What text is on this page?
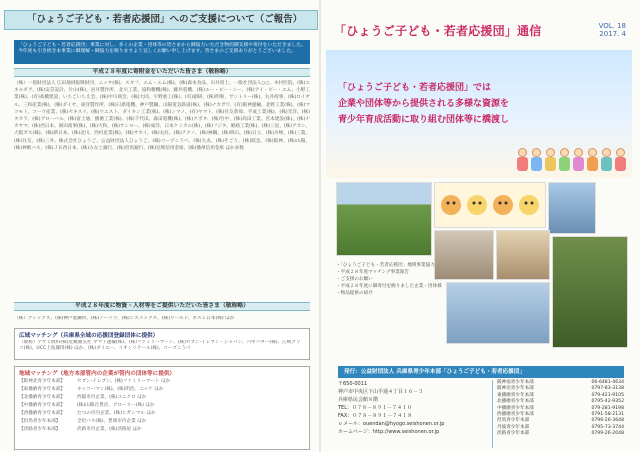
「ひょうご子ども・若者応援団」へのご支援について（ご報告）
「ひょうご子ども・若者応援団」事業に対し、多くの企業・団体等の皆さまから御協力いただき物的御支援や寄付をいただきました。今年度も引き続き本事業に御理解・御協力を賜りますよう宜しくお願い申し上げます。皆さまのご支援ありがとうございました。
平成２８年度に寄附金をいただいた皆さま（敬称略）
（株）一般財団法人 広田地域振興財団、ニッタ(株)、スタフ、エム・エム(株)、(株)森本食品、石井貴士、一般社団法人○○、木村医院、(株)エネルギア、(株)安芸設計、片山(株)、岩井製作所、北川工業、協和精機(株)、藤井電機、(株)エー・ピー・シー、(株)アイ・ビー・エム、小野工業(株)、(有)高橋建設、いちごいちえ会、(株)中川商会、(株)大同、宇野重工(株)、(有)創研、(株)明和、サントリー(株)、丸井商事、(株)ロイヤル、三和産業(株)、(株)ダイヤ、東洋製作所、(株)日新電機、神戸製鋼、山陽電気鉄道(株)、(株)ナカガワ、(有)阪神運輸、北野工業(株)、(株)マツモト、コーワ産業、(株)セキスイ、(株)ウエスト、ダイキン工業(株)、(株)シマノ、(有)ヤマト、(株)住友倉庫、平成工業(株)、(株)光洋、(株)タカラ、(株)グローバル、(株)富士通、播磨工業(株)、(株)千代田、森田電機(株)、(株)クボタ、(株)竹中、(株)高田工業、宮本建設(株)、(株)ナカヤマ、(株)西日本、岡田商事(株)、(株)大和、(株)サンヨー、(株)東洋、日本ケミカル(株)、(株)フジタ、姫路工業(株)、(株)三星、(株)アカシ、大阪ガス(株)、(株)新日本、(株)北川、西村産業(株)、(株)サカイ、(株)丸紅、(株)テクノ、(株)神鋼、(株)明石、(株)日立、(株)川崎、(株)三菱、(株)住友、(株)三井、株式会社ひょうご、公益財団法人ひょうご、(株)コープこうべ、(株)大丸、(株)そごう、(株)阪急、(株)阪神、(株)山陽、(株)神姫バス、(株)ＪＲ西日本、(株)みなと銀行、(株)但馬銀行、(株)尼崎信用金庫、(株)播州信用金庫 ほか多数
平成２８年度に物資・人材等をご提供いただいた皆さま（敬称略）
（株）アシックス、(株)神戸製鋼所、(株)ノーリツ、(株)シスメックス、(株)ワールド、ネスレ日本(株) ほか
広域マッチング（兵庫県全域の応援団登録団体に提供）
（敬称）アサヒ飲料(株)近畿圏支社 ヤマト運輸(株)、(株)ファミリーマート、(株)セブン-イレブン・ジャパン、六甲バター(株)、江崎グリコ(株)、UCC上島珈琲(株) ほか、(株)ダイエー、イオンリテール(株)、コープこうべ
地域マッチング（地方本部管内の企業が管内の団体等に提供）
【阪神北青少年本部】	セブン-イレブン、(株)ファミリーマート ほか
【東播磨青少年本部】	キッコーマン(株)、(株)明治、ニッケ ほか
【北播磨青少年本部】	西脇市内企業、(株)ユニクロ ほか
【中播磨青少年本部】	(株)山陽百貨店、グローリー(株) ほか
【西播磨青少年本部】	たつの市内企業、(株)ヒガシマル ほか
【但馬青少年本部】	全但バス(株)、豊岡市内企業 ほか
【淡路青少年本部】	淡路市内企業、(株)淡路屋 ほか
「ひょうご子ども・若者応援団」通信	VOL. 18
2017. 4
「ひょうご子ども・若者応援団」では
企業や団体等から提供される多様な資源を
青少年育成活動に取り組む団体等に橋渡し
・「ひょうご子ども・若者応援団」地域事業協力
・平成２８年度マッチング事業報告
・ご支援のお願い
・平成２８年度に御寄付を賜りました企業・団体様
・物品提供の紹介
発行：公益財団法人 兵庫県青少年本部「ひょうご子ども・若者応援団」
〒650-0011
神戸市中央区下山手通４丁目１６－３
兵庫県民会館８階
TEL：０７８－８９１－７４１０
FAX：０７８－８９１－７４１８
ｅメール：ouendan@hyogo.seishonen.or.jp
ホームページ：http://www.seishonen.or.jp
阪神南青少年本部	06-6481-4634
阪神北青少年本部	0797-83-3138
東播磨青少年本部	079-421-9105
北播磨青少年本部	0795-42-9352
中播磨青少年本部	079-281-9198
西播磨青少年本部	0791-58-2131
但馬青少年本部	0796-26-3648
丹波青少年本部	0795-73-3744
淡路青少年本部	0799-26-2048
